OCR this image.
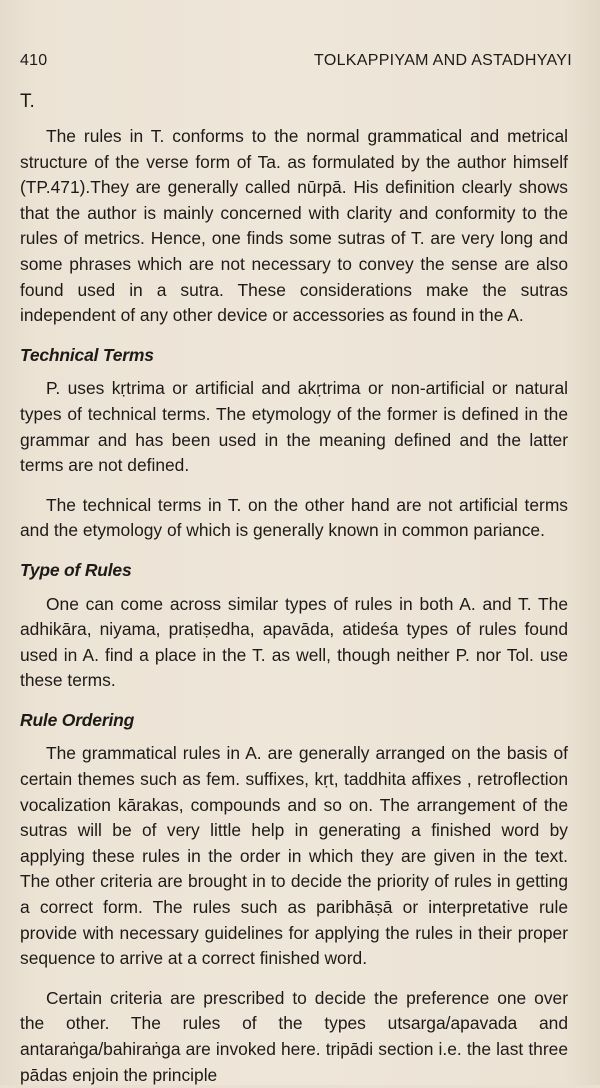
410	TOLKAPPIYAM AND ASTADHYAYI
T.

The rules in T. conforms to the normal grammatical and metrical structure of the verse form of Ta. as formulated by the author himself (TP.471).They are generally called nūrpā. His definition clearly shows that the author is mainly concerned with clarity and conformity to the rules of metrics. Hence, one finds some sutras of T. are very long and some phrases which are not necessary to convey the sense are also found used in a sutra. These considerations make the sutras independent of any other device or accessories as found in the A.

Technical Terms

P. uses kṛtrima or artificial and akṛtrima or non-artificial or natural types of technical terms. The etymology of the former is defined in the grammar and has been used in the meaning defined and the latter terms are not defined.

The technical terms in T. on the other hand are not artificial terms and the etymology of which is generally known in common pariance.

Type of Rules

One can come across similar types of rules in both A. and T. The adhikāra, niyama, pratiṣedha, apavāda, atideśa types of rules found used in A. find a place in the T. as well, though neither P. nor Tol. use these terms.

Rule Ordering

The grammatical rules in A. are generally arranged on the basis of certain themes such as fem. suffixes, kṛt, taddhita affixes , retroflection vocalization kārakas, compounds and so on. The arrangement of the sutras will be of very little help in generating a finished word by applying these rules in the order in which they are given in the text. The other criteria are brought in to decide the priority of rules in getting a correct form. The rules such as paribhāṣā or interpretative rule provide with necessary guidelines for applying the rules in their proper sequence to arrive at a correct finished word.

Certain criteria are prescribed to decide the preference one over the other. The rules of the types utsarga/apavada and antaraṅga/bahiraṅga are invoked here. tripādi section i.e. the last three pādas enjoin the principle
